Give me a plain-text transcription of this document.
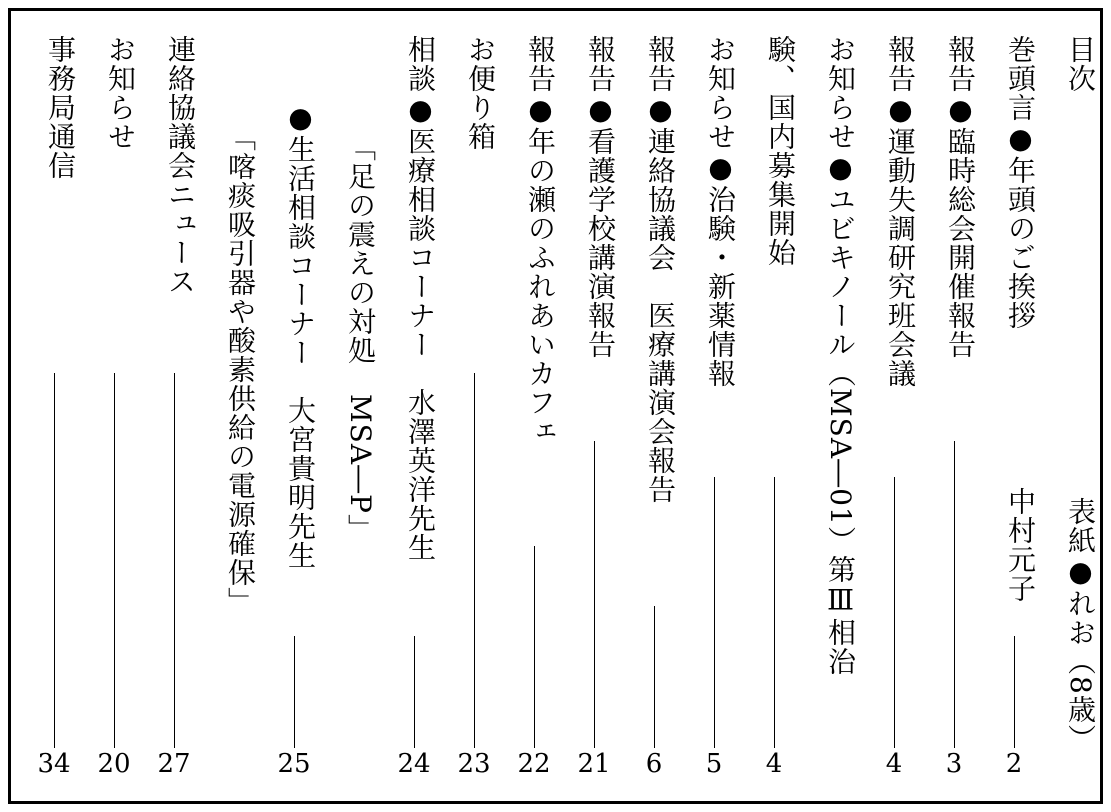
目次
表紙●れお（8歳）
巻頭言●年頭のご挨拶
中村元子
2
報告●臨時総会開催報告
3
報告●運動失調研究班会議
4
お知らせ●ユビキノール（MSA―01）第Ⅲ相治
験、国内募集開始
4
お知らせ●治験・新薬情報
5
報告●連絡協議会　医療講演会報告
6
報告●看護学校講演報告
21
報告●年の瀬のふれあいカフェ
22
お便り箱
23
相談●医療相談コーナー　水澤英洋先生
24
「足の震えの対処　MSA―P」
●生活相談コーナー　大宮貴明先生
25
「喀痰吸引器や酸素供給の電源確保」
連絡協議会ニュース
27
お知らせ
20
事務局通信
34
